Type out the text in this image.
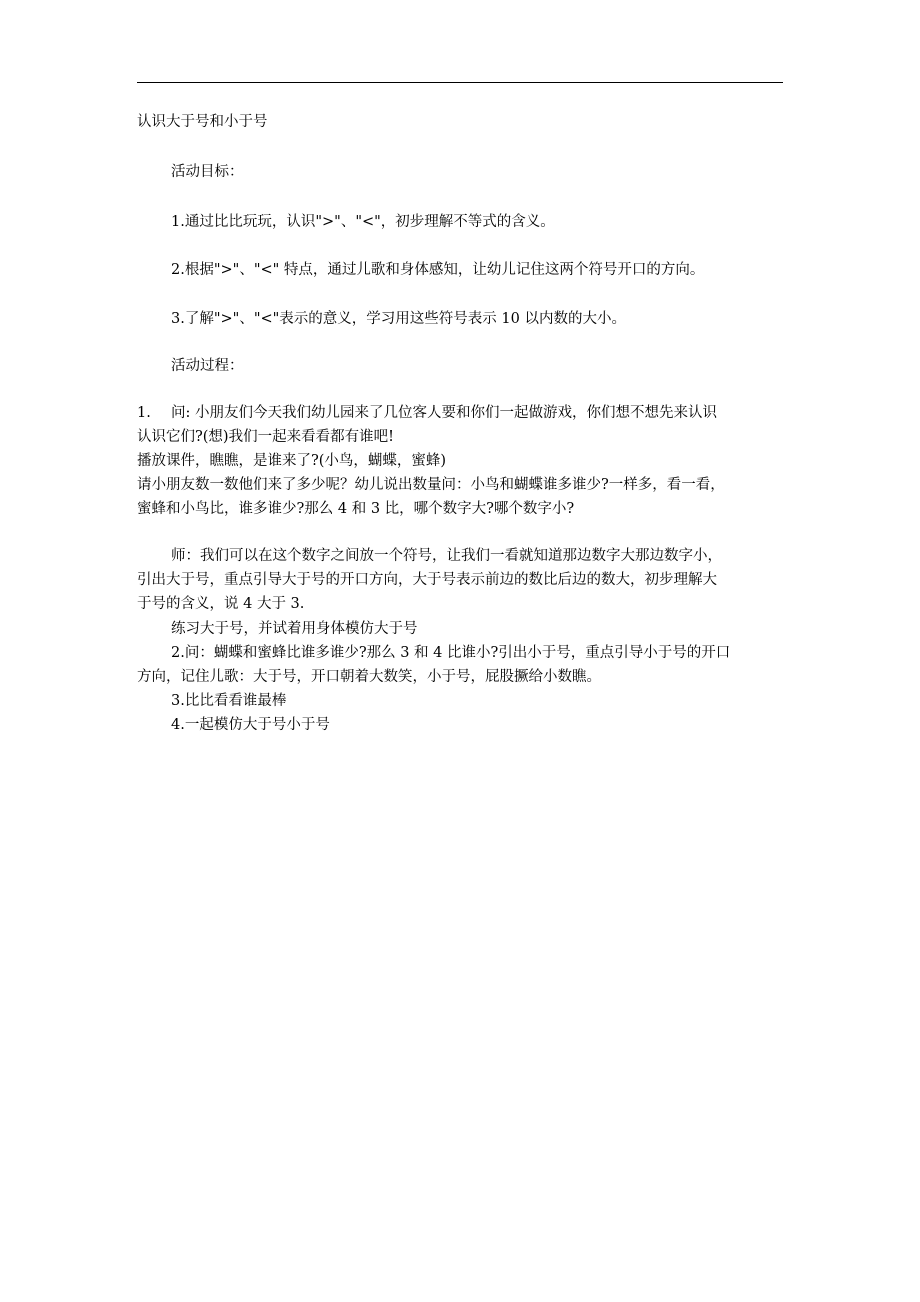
认识大于号和小于号
活动目标：
1.通过比比玩玩，认识">"、"<"，初步理解不等式的含义。
2.根据">"、"<" 特点，通过儿歌和身体感知，让幼儿记住这两个符号开口的方向。
3.了解">"、"<"表示的意义，学习用这些符号表示 10 以内数的大小。
活动过程：
1. 问: 小朋友们今天我们幼儿园来了几位客人要和你们一起做游戏，你们想不想先来认识
认识它们?(想)我们一起来看看都有谁吧!
播放课件，瞧瞧，是谁来了?(小鸟，蝴蝶，蜜蜂)
请小朋友数一数他们来了多少呢？幼儿说出数量问：小鸟和蝴蝶谁多谁少?一样多，看一看，
蜜蜂和小鸟比，谁多谁少?那么 4 和 3 比，哪个数字大?哪个数字小?
师：我们可以在这个数字之间放一个符号，让我们一看就知道那边数字大那边数字小，
引出大于号，重点引导大于号的开口方向，大于号表示前边的数比后边的数大，初步理解大
于号的含义，说 4 大于 3.
练习大于号，并试着用身体模仿大于号
2.问：蝴蝶和蜜蜂比谁多谁少?那么 3 和 4 比谁小?引出小于号，重点引导小于号的开口
方向，记住儿歌：大于号，开口朝着大数笑，小于号，屁股撅给小数瞧。
3.比比看看谁最棒
4.一起模仿大于号小于号
